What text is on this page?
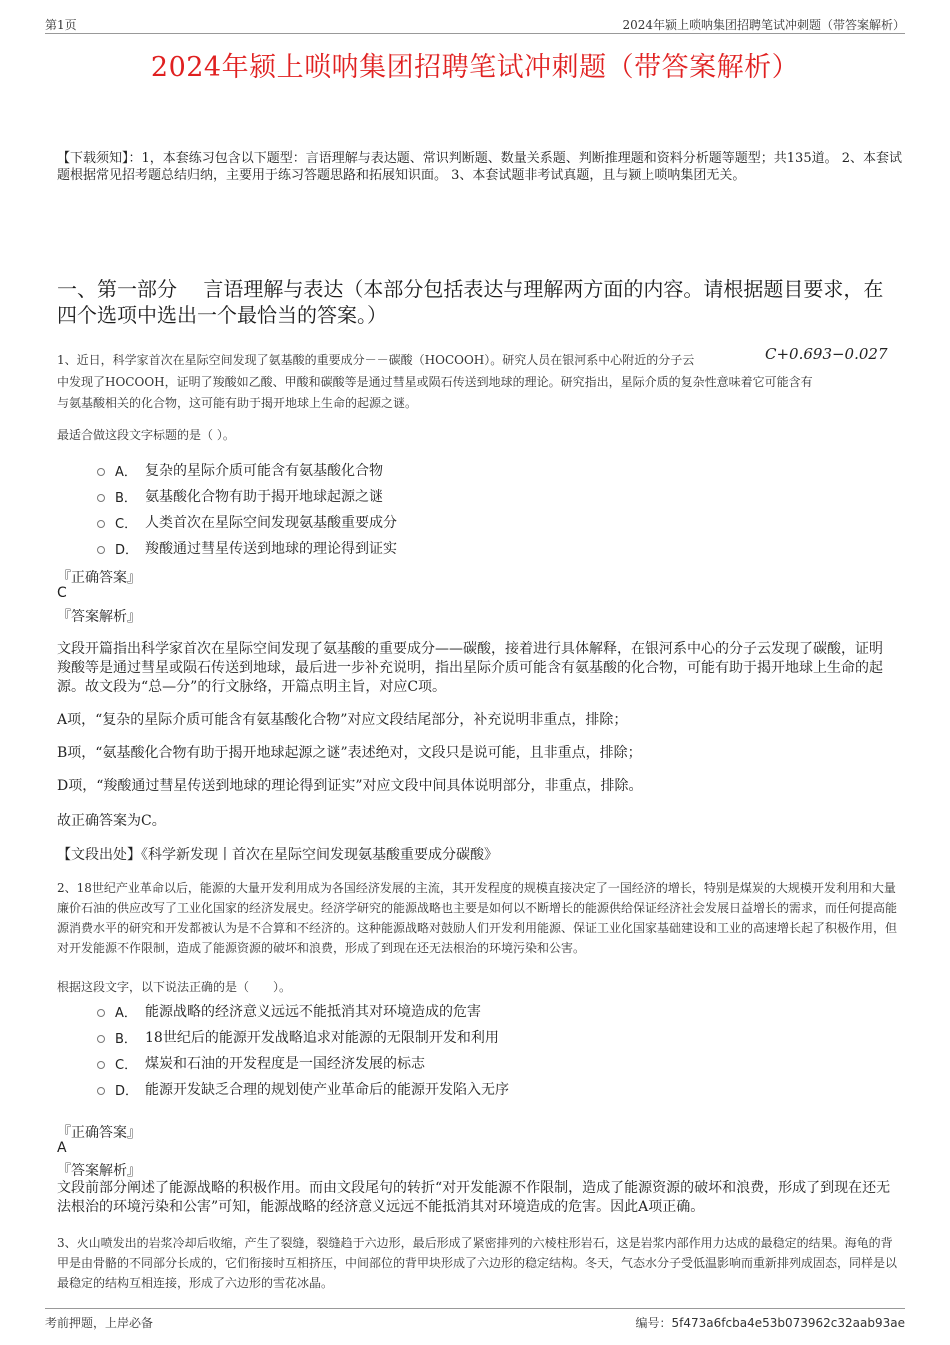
第1页	2024年颍上唢呐集团招聘笔试冲刺题（带答案解析）
2024年颍上唢呐集团招聘笔试冲刺题（带答案解析）
【下载须知】：1，本套练习包含以下题型：言语理解与表达题、常识判断题、数量关系题、判断推理题和资料分析题等题型；共135道。 2、本套试题根据常见招考题总结归纳，主要用于练习答题思路和拓展知识面。 3、本套试题非考试真题，且与颍上唢呐集团无关。
一、第一部分　 言语理解与表达（本部分包括表达与理解两方面的内容。请根据题目要求，在四个选项中选出一个最恰当的答案。）
C+0.693−0.027
1、近日，科学家首次在星际空间发现了氨基酸的重要成分－－碳酸（HOCOOH）。研究人员在银河系中心附近的分子云
中发现了HOCOOH，证明了羧酸如乙酸、甲酸和碳酸等是通过彗星或陨石传送到地球的理论。研究指出，星际介质的复杂性意味着它可能含有
与氨基酸相关的化合物，这可能有助于揭开地球上生命的起源之谜。
最适合做这段文字标题的是（ ）。
A． 复杂的星际介质可能含有氨基酸化合物
B． 氨基酸化合物有助于揭开地球起源之谜
C． 人类首次在星际空间发现氨基酸重要成分
D． 羧酸通过彗星传送到地球的理论得到证实
『正确答案』
C
『答案解析』
文段开篇指出科学家首次在星际空间发现了氨基酸的重要成分——碳酸，接着进行具体解释，在银河系中心的分子云发现了碳酸，证明羧酸等是通过彗星或陨石传送到地球，最后进一步补充说明，指出星际介质可能含有氨基酸的化合物，可能有助于揭开地球上生命的起源。故文段为“总—分”的行文脉络，开篇点明主旨，对应C项。
A项，“复杂的星际介质可能含有氨基酸化合物”对应文段结尾部分，补充说明非重点，排除；
B项，“氨基酸化合物有助于揭开地球起源之谜”表述绝对，文段只是说可能，且非重点，排除；
D项，“羧酸通过彗星传送到地球的理论得到证实”对应文段中间具体说明部分，非重点，排除。
故正确答案为C。
【文段出处】《科学新发现丨首次在星际空间发现氨基酸重要成分碳酸》
2、18世纪产业革命以后，能源的大量开发利用成为各国经济发展的主流，其开发程度的规模直接决定了一国经济的增长，特别是煤炭的大规模开发利用和大量廉价石油的供应改写了工业化国家的经济发展史。经济学研究的能源战略也主要是如何以不断增长的能源供给保证经济社会发展日益增长的需求，而任何提高能源消费水平的研究和开发都被认为是不合算和不经济的。这种能源战略对鼓励人们开发利用能源、保证工业化国家基础建设和工业的高速增长起了积极作用，但对开发能源不作限制，造成了能源资源的破坏和浪费，形成了到现在还无法根治的环境污染和公害。
根据这段文字，以下说法正确的是（　　）。
A． 能源战略的经济意义远远不能抵消其对环境造成的危害
B． 18世纪后的能源开发战略追求对能源的无限制开发和利用
C． 煤炭和石油的开发程度是一国经济发展的标志
D． 能源开发缺乏合理的规划使产业革命后的能源开发陷入无序
『正确答案』
A
『答案解析』
文段前部分阐述了能源战略的积极作用。而由文段尾句的转折“对开发能源不作限制，造成了能源资源的破坏和浪费，形成了到现在还无法根治的环境污染和公害”可知，能源战略的经济意义远远不能抵消其对环境造成的危害。因此A项正确。
3、火山喷发出的岩浆冷却后收缩，产生了裂缝，裂缝趋于六边形，最后形成了紧密排列的六棱柱形岩石，这是岩浆内部作用力达成的最稳定的结果。海龟的背甲是由骨骼的不同部分长成的，它们衔接时互相挤压，中间部位的背甲块形成了六边形的稳定结构。冬天，气态水分子受低温影响而重新排列成固态，同样是以最稳定的结构互相连接，形成了六边形的雪花冰晶。
考前押题，上岸必备	编号：5f473a6fcba4e53b073962c32aab93ae
